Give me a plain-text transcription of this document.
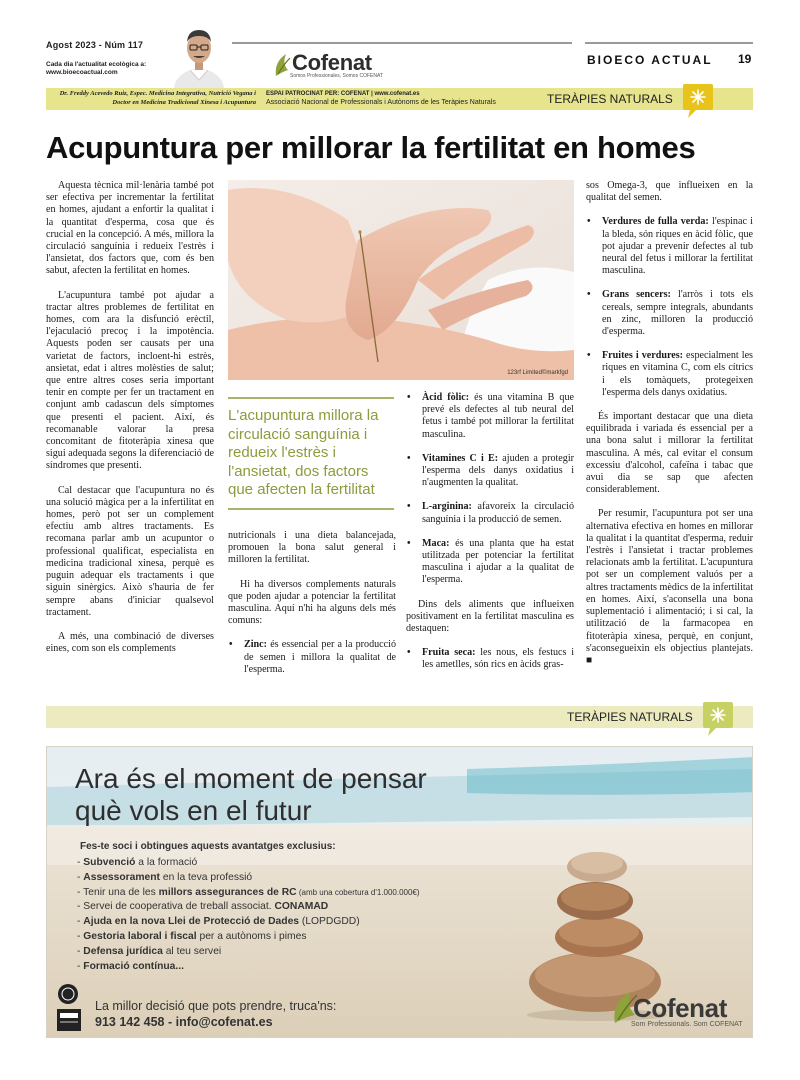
Agost 2023 - Núm 117
Cada dia l'actualitat ecològica a: www.bioecoactual.com	Cofenat
Somos Professionales, Somos COFENAT
BIOECO ACTUAL 19
Dr. Freddy Acevedo Ruiz, Espec. Medicina Integrativa, Nutrició Vegana i Doctor en Medicina Tradicional Xinesa i Acupuntura
ESPAI PATROCINAT PER: COFENAT | www.cofenat.es
Associació Nacional de Professionals i Autònoms de les Teràpies Naturals	TERÀPIES NATURALS
Acupuntura per millorar la fertilitat en homes

Aquesta tècnica mil·lenària també pot ser efectiva per incrementar la fertilitat en homes, ajudant a enfortir la qualitat i la quantitat d'esperma, cosa que és crucial en la concepció. A més, millora la circulació sanguínia i redueix l'estrès i l'ansietat, dos factors que, com és ben sabut, afecten la fertilitat en homes.

L'acupuntura també pot ajudar a tractar altres problemes de fertilitat en homes, com ara la disfunció erèctil, l'ejaculació precoç i la impotència. Aquests poden ser causats per una varietat de factors, incloent-hi estrès, ansietat, edat i altres molèsties de salut; que entre altres coses seria important tenir en compte per fer un tractament en conjunt amb cadascun dels símptomes que presenti el pacient. Així, és recomanable valorar la presa concomitant de fitoteràpia xinesa que sigui adequada segons la diferenciació de síndromes que presenti.

Cal destacar que l'acupuntura no és una solució màgica per a la infertilitat en homes, però pot ser un complement efectiu amb altres tractaments. Es recomana parlar amb un acupuntor o professional qualificat, especialista en medicina tradicional xinesa, perquè es puguin adequar els tractaments i que siguin sinèrgics. Això s'hauria de fer sempre abans d'iniciar qualsevol tractament.

A més, una combinació de diverses eines, com son els complements

123rf Limited©markfgd
L'acupuntura millora la circulació sanguínia i redueix l'estrès i l'ansietat, dos factors que afecten la fertilitat

nutricionals i una dieta balancejada, promouen la bona salut general i milloren la fertilitat.

Hi ha diversos complements naturals que poden ajudar a potenciar la fertilitat masculina. Aquí n'hi ha alguns dels més comuns:

• Zinc: és essencial per a la producció de semen i millora la qualitat de l'esperma.
• Àcid fòlic: és una vitamina B que prevé els defectes al tub neural del fetus i també pot millorar la fertilitat masculina.
• Vitamines C i E: ajuden a protegir l'esperma dels danys oxidatius i n'augmenten la qualitat.
• L-arginina: afavoreix la circulació sanguínia i la producció de semen.
• Maca: és una planta que ha estat utilitzada per potenciar la fertilitat masculina i ajudar a la qualitat de l'esperma.

Dins dels aliments que influeixen positivament en la fertilitat masculina es destaquen:

• Fruita seca: les nous, els festucs i les ametlles, són rics en àcids gras-

sos Omega-3, que influeixen en la qualitat del semen.

• Verdures de fulla verda: l'espinac i la bleda, són riques en àcid fòlic, que pot ajudar a prevenir defectes al tub neural del fetus i millorar la fertilitat masculina.
• Grans sencers: l'arròs i tots els cereals, sempre integrals, abundants en zinc, milloren la producció d'esperma.
• Fruites i verdures: especialment les riques en vitamina C, com els cítrics i els tomàquets, protegeixen l'esperma dels danys oxidatius.

És important destacar que una dieta equilibrada i variada és essencial per a una bona salut i millorar la fertilitat masculina. A més, cal evitar el consum excessiu d'alcohol, cafeïna i tabac que avui dia se sap que afecten considerablement.

Per resumir, l'acupuntura pot ser una alternativa efectiva en homes en millorar la qualitat i la quantitat d'esperma, reduir l'estrès i l'ansietat i tractar problemes relacionats amb la fertilitat. L'acupuntura pot ser un complement valuós per a altres tractaments mèdics de la infertilitat en homes. Així, s'aconsella una bona suplementació i alimentació; i si cal, la utilització de la farmacopea en fitoteràpia xinesa, perquè, en conjunt, s'aconsegueixin els objectius plantejats. ■

TERÀPIES NATURALS
Ara és el moment de pensar
què vols en el futur
Fes-te soci i obtingues aquests avantatges exclusius:
- Subvenció a la formació
- Assessorament en la teva professió
- Tenir una de les millors assegurances de RC (amb una cobertura d'1.000.000€)
- Servei de cooperativa de treball associat. CONAMAD
- Ajuda en la nova Llei de Protecció de Dades (LOPDGDD)
- Gestoria laboral i fiscal per a autònoms i pimes
- Defensa jurídica al teu servei
- Formació contínua...
La millor decisió que pots prendre, truca'ns:
913 142 458 - info@cofenat.es	Cofenat
Som Professionals. Som COFENAT
